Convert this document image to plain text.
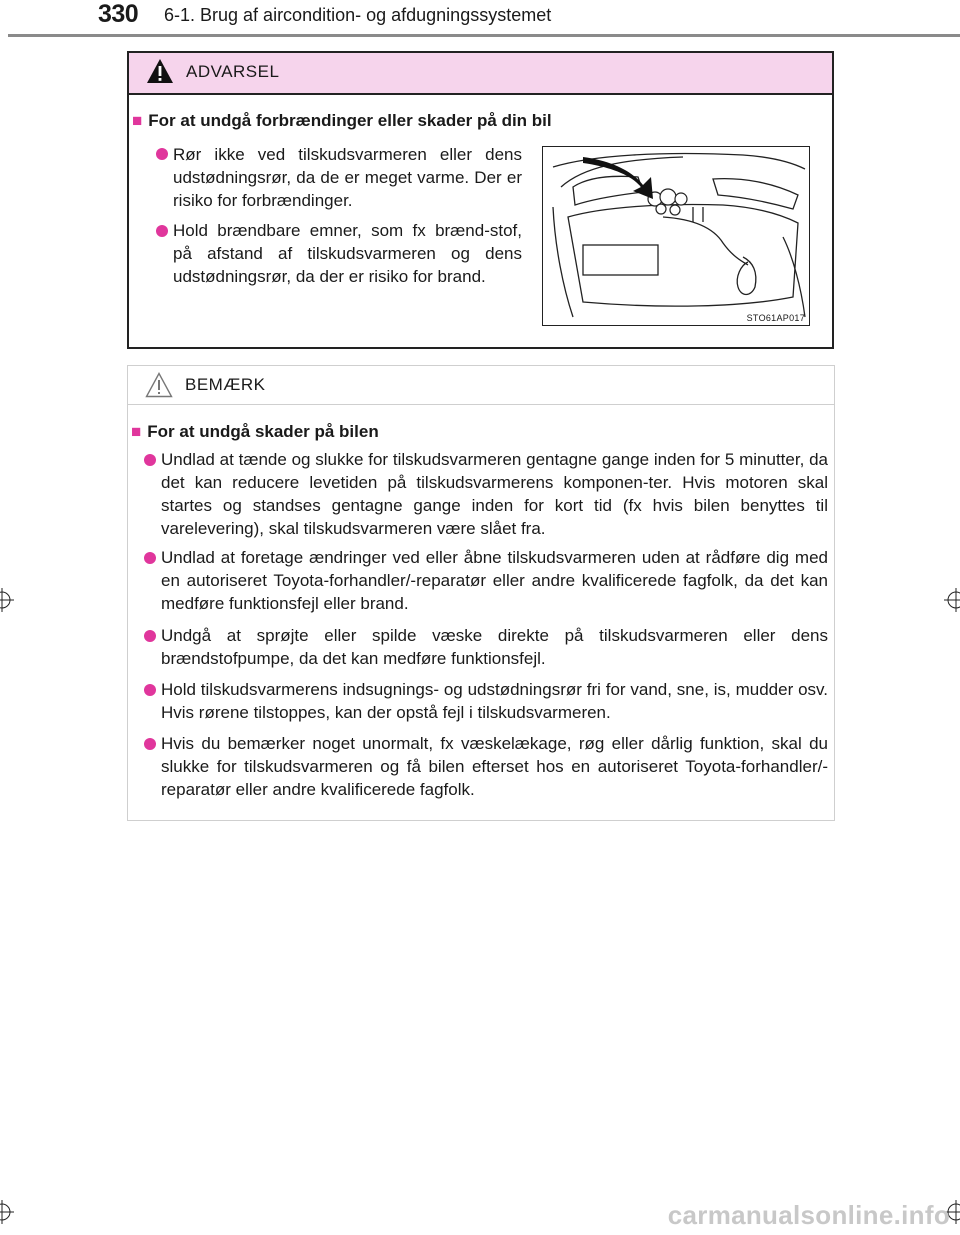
330 6-1. Brug af aircondition- og afdugningssystemet
ADVARSEL
■ For at undgå forbrændinger eller skader på din bil
Rør ikke ved tilskudsvarmeren eller dens udstødningsrør, da de er meget varme. Der er risiko for forbrændinger.
Hold brændbare emner, som fx brænd-stof, på afstand af tilskudsvarmeren og dens udstødningsrør, da der er risiko for brand.
STO61AP017
BEMÆRK
■ For at undgå skader på bilen
Undlad at tænde og slukke for tilskudsvarmeren gentagne gange inden for 5 minutter, da det kan reducere levetiden på tilskudsvarmerens komponen-ter. Hvis motoren skal startes og standses gentagne gange inden for kort tid (fx hvis bilen benyttes til varelevering), skal tilskudsvarmeren være slået fra.
Undlad at foretage ændringer ved eller åbne tilskudsvarmeren uden at rådføre dig med en autoriseret Toyota-forhandler/-reparatør eller andre kvalificerede fagfolk, da det kan medføre funktionsfejl eller brand.
Undgå at sprøjte eller spilde væske direkte på tilskudsvarmeren eller dens brændstofpumpe, da det kan medføre funktionsfejl.
Hold tilskudsvarmerens indsugnings- og udstødningsrør fri for vand, sne, is, mudder osv. Hvis rørene tilstoppes, kan der opstå fejl i tilskudsvarmeren.
Hvis du bemærker noget unormalt, fx væskelækage, røg eller dårlig funktion, skal du slukke for tilskudsvarmeren og få bilen efterset hos en autoriseret Toyota-forhandler/-reparatør eller andre kvalificerede fagfolk.
carmanualsonline.info
